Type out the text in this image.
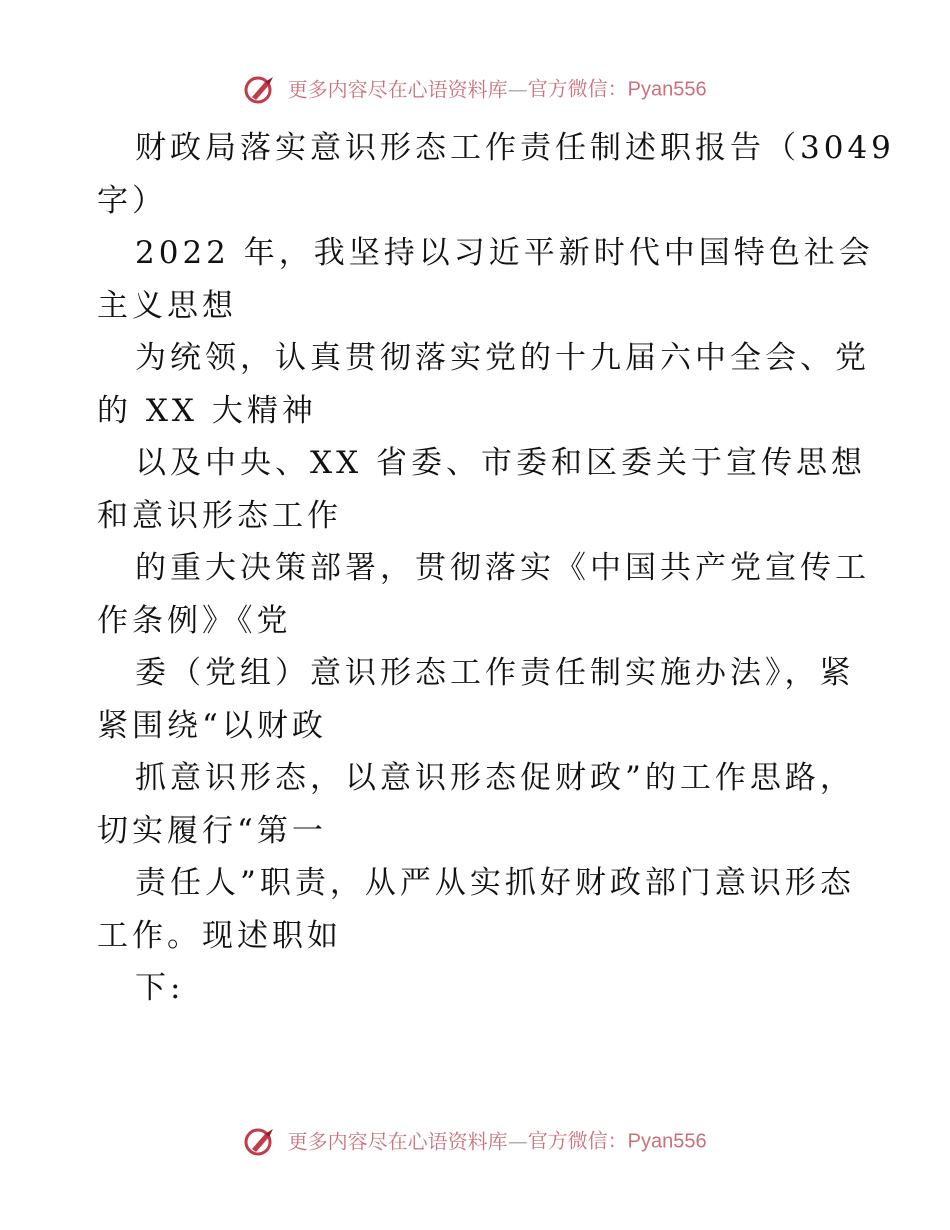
更多内容尽在心语资料库—官方微信：Pyan556
财政局落实意识形态工作责任制述职报告（3049
字）
2022 年，我坚持以习近平新时代中国特色社会
主义思想
为统领，认真贯彻落实党的十九届六中全会、党
的 XX 大精神
以及中央、XX 省委、市委和区委关于宣传思想
和意识形态工作
的重大决策部署，贯彻落实《中国共产党宣传工
作条例》《党
委（党组）意识形态工作责任制实施办法》，紧
紧围绕“以财政
抓意识形态，以意识形态促财政”的工作思路，
切实履行“第一
责任人”职责，从严从实抓好财政部门意识形态
工作。现述职如
下:
更多内容尽在心语资料库—官方微信：Pyan556
